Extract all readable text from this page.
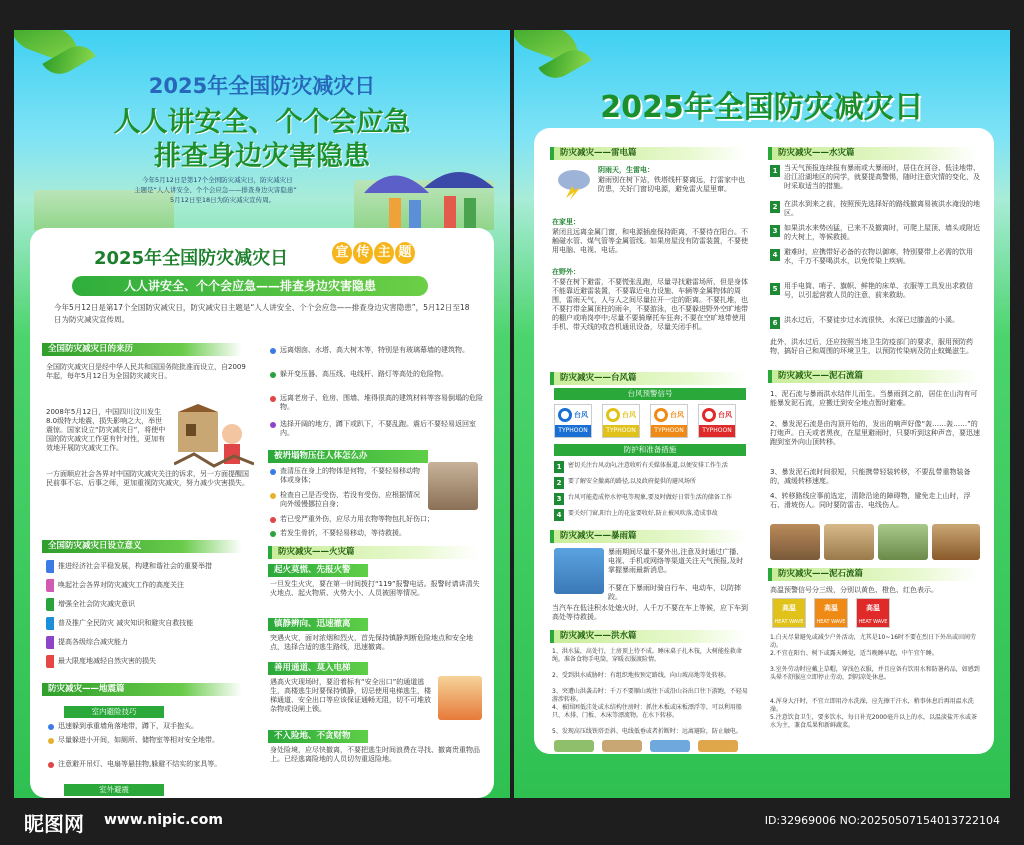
2025年全国防灾减灾日
人人讲安全、个个会应急
排查身边灾害隐患
今年5月12日是第17个全国防灾减灾日，防灾减灾日
主题是“人人讲安全、个个会应急——排查身边灾害隐患”
5月12日至18日为防灾减灾宣传周。
2025年全国防灾减灾日	宣 传 主 题
人人讲安全、个个会应急——排查身边灾害隐患
今年5月12日是第17个全国防灾减灾日，防灾减灾日主题是“人人讲安全、个个会应急——排查身边灾害隐患”，5月12日至18日为防灾减灾宣传周。
全国防灾减灾日的来历
全国防灾减灾日是经中华人民共和国国务院批准而设立，自2009年起，每年5月12日为全国防灾减灾日。
2008年5月12日，中国四川汶川发生8.0级特大地震，损失影响之大，举世震惊。国家设立“防灾减灾日”，将使中国的防灾减灾工作更有针对性，更加有效地开展防灾减灾工作。
一方面顺应社会各界对中国防灾减灾关注的诉求，另一方面提醒国民前事不忘、后事之师，更加重视防灾减灾，努力减少灾害损失。
全国防灾减灾日设立意义
推进经济社会平稳发展，构建和谐社会的重要举措
唤起社会各界对防灾减灾工作的高度关注
增强全社会防灾减灾意识
普及推广全民防灾 减灾知识和避灾自救技能
提高各级综合减灾能力
最大限度地减轻自然灾害的损失
防灾减灾——地震篇
室内避险技巧
迅速躲到承重墙角落地带，蹲下，双手抱头。
尽量躲进小开间，如厕所、储物室等相对安全地带。
注意避开吊灯、电扇等悬挂物,躲避不结实的家具等。
室外避震
远离烟囱、水塔、高大树木等，特别是有玻璃幕墙的建筑物。
躲开变压器、高压线、电线杆、路灯等高处的危险物。
远离老房子、危房、围墙、堆得很高的建筑材料等容易倒塌的危险物。
选择开阔的地方，蹲下或趴下，不要乱跑。震后不要轻易返回室内。
被坍塌物压住人体怎么办
查清压在身上的物体是何物，不要轻易移动物体或身体；
检查自己是否受伤，若没有受伤，应根据情况向外缓慢挪拉自身；
若已受严重外伤，应尽力用衣物等物包扎好伤口；
若发生骨折，不要轻易移动，等待救援。
防灾减灾——火灾篇
起火莫慌、先报火警
一旦发生火灾，要在第一时间拨打“119”报警电话。报警时请讲清失火地点、起火物质、火势大小、人员被困等情况。
镇静辨向、迅速撤离
突遇火灾，面对浓烟和烈火，首先保持镇静判断危险地点和安全地点，选择合适的逃生路线，迅速撤离。
善用通道、莫入电梯
遇高火灾现场时，要沿着标有“安全出口”的通道逃生，高楼逃生时要保持镇静，切忌使用电梯逃生，楼梯通道、安全出口等应该保证通畅无阻，切不可堆放杂物或设闸上锁。
不入险地、不贪财物
身处险境，应尽快撤离，不要把逃生时间浪费在寻找、撤离贵重物品上。已经逃离险地的人员切勿重返险地。
2025年全国防灾减灾日
防灾减灾——雷电篇
阴雨天，生雷电：
避雨别在树下站，铁塔线杆要离远，打雷家中也防患，关好门窗切电源，避免雷火屋里窜。
在家里：
紧闭且远离金属门窗，和电源插座保持距离，不要待在阳台。不触碰水管、煤气管等金属管线。如果房屋没有防雷装置，不要使用电脑、电视、电话。
在野外：
不要在树下避雷，不要慌张乱跑，尽量寻找避雷场所，但是身体不能靠近避雷装置，不要靠近电力设施、车辆等金属物体的周围，雷雨天气，人与人之间尽量拉开一定的距离。不要扎堆，也不要打带金属顶柱的雨伞，不要游泳，也不要躲进野外空旷地带的棚户或哨岗亭中;尽量不要骑摩托车狂奔;不要在空旷地带使用手机、带天线的收音机通讯设备，尽量关闭手机。
防灾减灾——台风篇
台风预警信号
台风
TYPHOON
台风
TYPHOON
台风
TYPHOON
台风
TYPHOON
防护和准备措施
1	密切关注台风动向,注意收听有关媒体报道,以便安排工作生活
2	要了解安全撤离的路径,以及政府提供的避风场所
3	台风可能造成停水停电等现象,要及时做好日常生活的储备工作
4	要关好门窗,阳台上的花盆要收好,防止被风吹落,造成事故
防灾减灾——暴雨篇
暴雨期间尽量不要外出,注意及时通过广播、电视、手机或网络等渠道关注天气预报,及时掌握暴雨最新消息。
不要在下暴雨时骑自行车、电动车，以防摔跤。
当汽车在低洼积水处熄火时，人千万不要在车上等候，应下车到高处等待救援。
防灾减灾——洪水篇
1、洪水猛，高处行，土房顶上待不成。睡床桌子扎木筏，大树能拴救命绳。准备食物手电筒，穿暖衣服渡险情。
2、受到洪水威胁时：有组织地按预定路线，向山坡高地等处转移。
3、突遭山洪袭击时：千万不要顺山坡往下或沿山谷出口往下游跑，不轻易游涉转移。
4、被围困低洼处或水结构住房时：抓住木板或床板漂浮等，可以利用船只、木排、门板、木床等漂流物。在水下转移。
5、发现高压线铁塔歪斜、电线低垂或者折断时：远离避险，防止触电。
防灾减灾——水灾篇
1 当天气预报连续报有暴雨或大暴雨时，居住在河谷、低洼地带、沿江沿湖地区的同学，就要提高警惕，随时注意灾情的变化，及时采取适当的措施。
2 在洪水到来之前，按照预先选择好的路线撤离易被洪水淹没的地区。
3 如果洪水来势凶猛，已来不及撤离时，可爬上屋顶、墙头或附近的大树上，等候救援。
4 避难时，应携带好必备的衣物以御寒，特别要带上必需的饮用水，千万不要喝洪水，以免传染上疾病。
5 用手电筒、哨子、旗帜、鲜艳的床单、衣服等工具发出求救信号，以引起营救人员的注意，前来救助。
6 洪水过后，不要徒步过水流很快、水深已过膝盖的小溪。
此外，洪水过后，还应按照当地卫生防疫部门的要求，服用预防药物，搞好自己和周围的环境卫生，以预防传染病及防止蚊蝇滋生。
防灾减灾——泥石流篇
1、泥石流与暴雨洪水结伴儿而生。当暴雨到之前，居住在山沟有可能暴发泥石流，应搬迁到安全地点暂时避难。
2、暴发泥石流是由沟顶开始的，发出的响声好像“轰……轰……”的打炮声。白天或者黑夜，在屋里避雨时，只要听到这种声音，要迅速跑到室外向山顶转移。
3、暴发泥石流时间很短，只能携带轻装转移，不要乱带重物装备的，减缓转移速度。
4、转移路线应事前选定，清除沿途的障碍物，避免走上山时，浮石、滑坡伤人。同时要防雷击、电线伤人。
防灾减灾——泥石流篇
高温预警信号分三级，分别以黄色、橙色、红色表示。
高温
HEAT WAVE
高温
HEAT WAVE
高温
HEAT WAVE
1.白天尽量避免或减少户外活动，尤其是10~16时不要在烈日下外出或田间劳动。
2.不宜在阳台、树下或露天睡觉，适当晚睡早起，中午宜午睡。
3.室外劳动时应戴上草帽，穿浅色衣服，并且应备有饮用水和防暑药品，如感到头晕不舒服应立即停止劳动，到阴凉处休息。
4.浑身大汗时，不宜立即用冷水洗澡，应先擦干汗水，稍事休息后再用温水洗澡。
5.注意饮食卫生，要多饮水，每日补充2000毫升以上的水，以温淡盐开水或茶水为主，兼食瓜果和新鲜蔬菜。
昵图网 www.nipic.com	ID:32969006 NO:20250507154013722104
